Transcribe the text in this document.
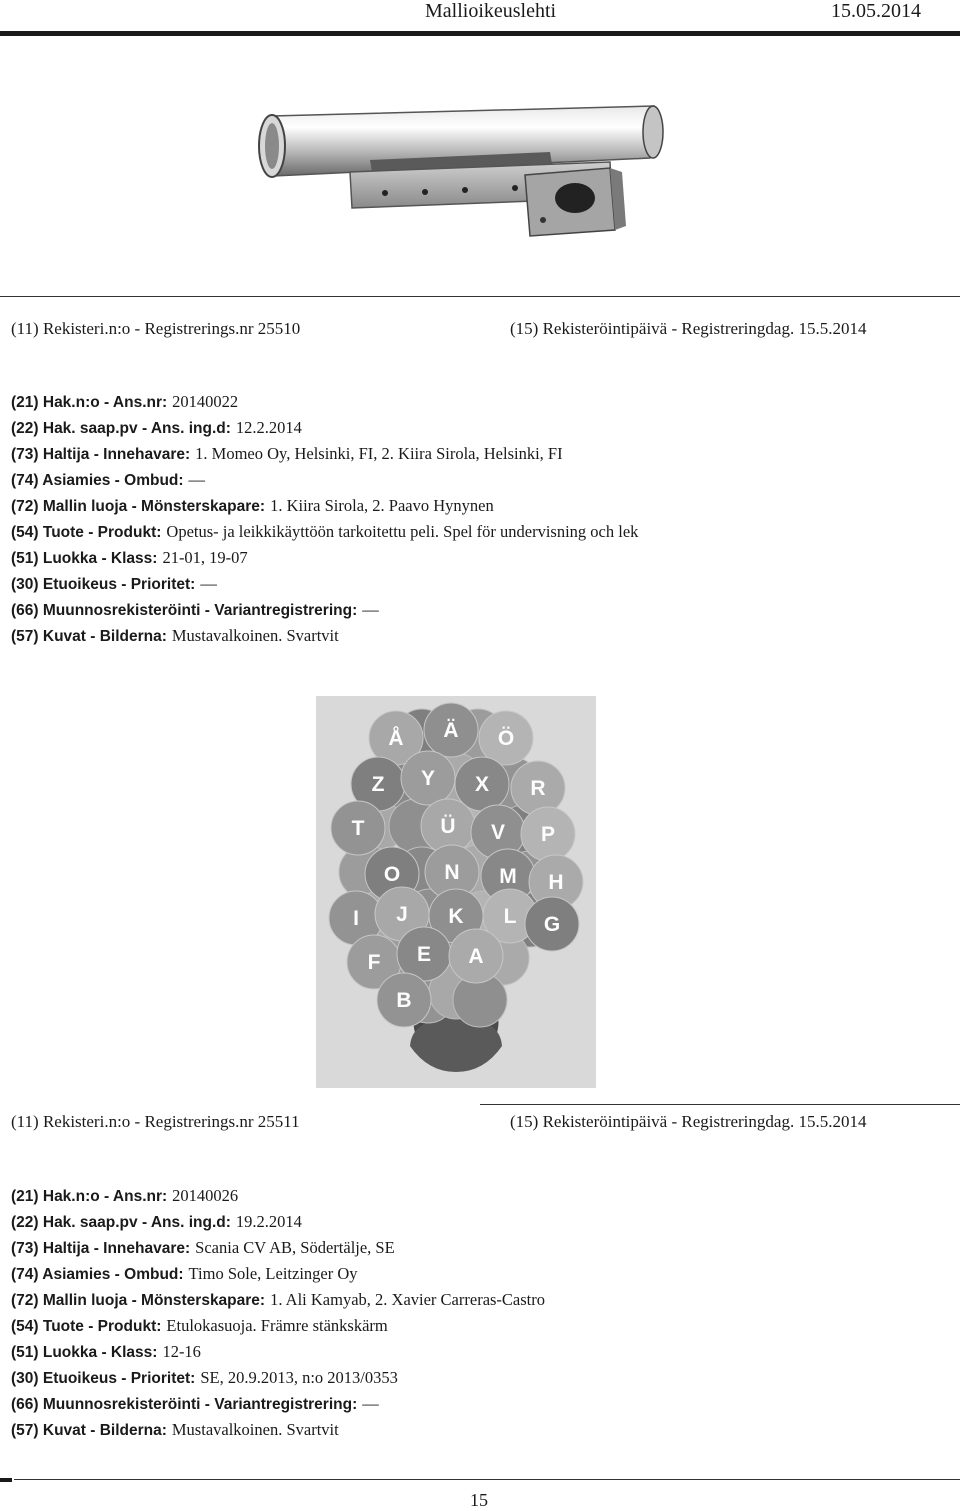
Mallioikeuslehti	15.05.2014
(11) Rekisteri.n:o - Registrerings.nr 25510	(15) Rekisteröintipäivä - Registreringdag. 15.5.2014
(21) Hak.n:o - Ans.nr: 20140022
(22) Hak. saap.pv - Ans. ing.d: 12.2.2014
(73) Haltija - Innehavare: 1. Momeo Oy, Helsinki, FI, 2. Kiira Sirola, Helsinki, FI
(74) Asiamies - Ombud: —
(72) Mallin luoja - Mönsterskapare: 1. Kiira Sirola, 2. Paavo Hynynen
(54) Tuote - Produkt: Opetus- ja leikkikäyttöön tarkoitettu peli. Spel för undervisning och lek
(51) Luokka - Klass: 21-01, 19-07
(30) Etuoikeus - Prioritet: —
(66) Muunnosrekisteröinti - Variantregistrering: —
(57) Kuvat - Bilderna: Mustavalkoinen. Svartvit
Å Ä Ö
Z Y X R
T	Ü V P
O N M H
I J K L G
F E A
B
(11) Rekisteri.n:o - Registrerings.nr 25511	(15) Rekisteröintipäivä - Registreringdag. 15.5.2014
(21) Hak.n:o - Ans.nr: 20140026
(22) Hak. saap.pv - Ans. ing.d: 19.2.2014
(73) Haltija - Innehavare: Scania CV AB, Södertälje, SE
(74) Asiamies - Ombud: Timo Sole, Leitzinger Oy
(72) Mallin luoja - Mönsterskapare: 1. Ali Kamyab, 2. Xavier Carreras-Castro
(54) Tuote - Produkt: Etulokasuoja. Främre stänkskärm
(51) Luokka - Klass: 12-16
(30) Etuoikeus - Prioritet: SE, 20.9.2013, n:o 2013/0353
(66) Muunnosrekisteröinti - Variantregistrering: —
(57) Kuvat - Bilderna: Mustavalkoinen. Svartvit
15
